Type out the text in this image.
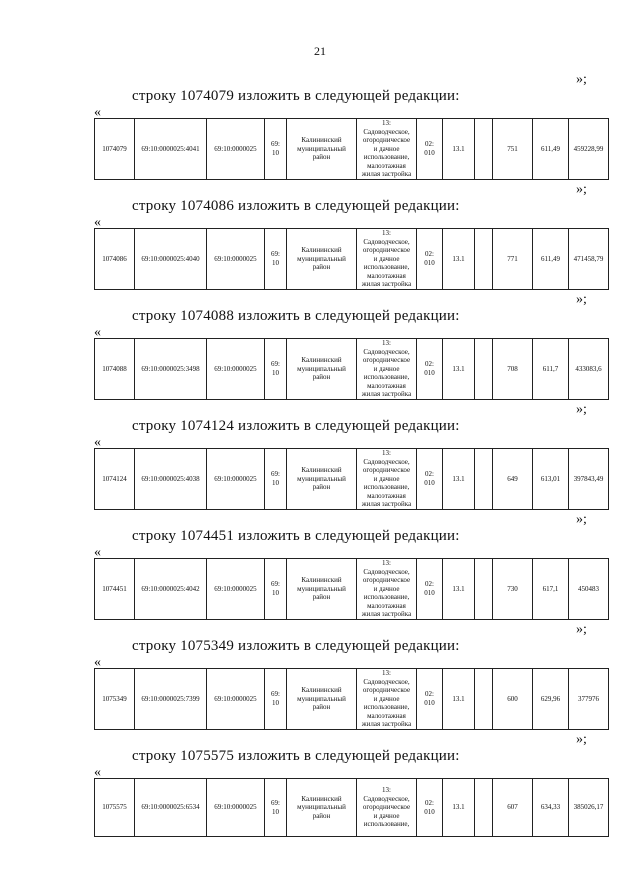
21
»;
строку 1074079 изложить в следующей редакции:
«
1074079	69:10:0000025:4041	69:10:0000025	69:
10	Калининский
муниципальный
район	13:
Садоводческое,
огородническое
и дачное
использование,
малоэтажная
жилая застройка	02:
010	13.1		751	611,49	459228,99
»;
строку 1074086 изложить в следующей редакции:
«
1074086	69:10:0000025:4040	69:10:0000025	69:
10	Калининский
муниципальный
район	13:
Садоводческое,
огородническое
и дачное
использование,
малоэтажная
жилая застройка	02:
010	13.1		771	611,49	471458,79
»;
строку 1074088 изложить в следующей редакции:
«
1074088	69:10:0000025:3498	69:10:0000025	69:
10	Калининский
муниципальный
район	13:
Садоводческое,
огородническое
и дачное
использование,
малоэтажная
жилая застройка	02:
010	13.1		708	611,7	433083,6
»;
строку 1074124 изложить в следующей редакции:
«
1074124	69:10:0000025:4038	69:10:0000025	69:
10	Калининский
муниципальный
район	13:
Садоводческое,
огородническое
и дачное
использование,
малоэтажная
жилая застройка	02:
010	13.1		649	613,01	397843,49
»;
строку 1074451 изложить в следующей редакции:
«
1074451	69:10:0000025:4042	69:10:0000025	69:
10	Калининский
муниципальный
район	13:
Садоводческое,
огородническое
и дачное
использование,
малоэтажная
жилая застройка	02:
010	13.1		730	617,1	450483
»;
строку 1075349 изложить в следующей редакции:
«
1075349	69:10:0000025:7399	69:10:0000025	69:
10	Калининский
муниципальный
район	13:
Садоводческое,
огородническое
и дачное
использование,
малоэтажная
жилая застройка	02:
010	13.1		600	629,96	377976
»;
строку 1075575 изложить в следующей редакции:
«
1075575	69:10:0000025:6534	69:10:0000025	69:
10	Калининский
муниципальный
район	13:
Садоводческое,
огородническое
и дачное
использование,	02:
010	13.1		607	634,33	385026,17
